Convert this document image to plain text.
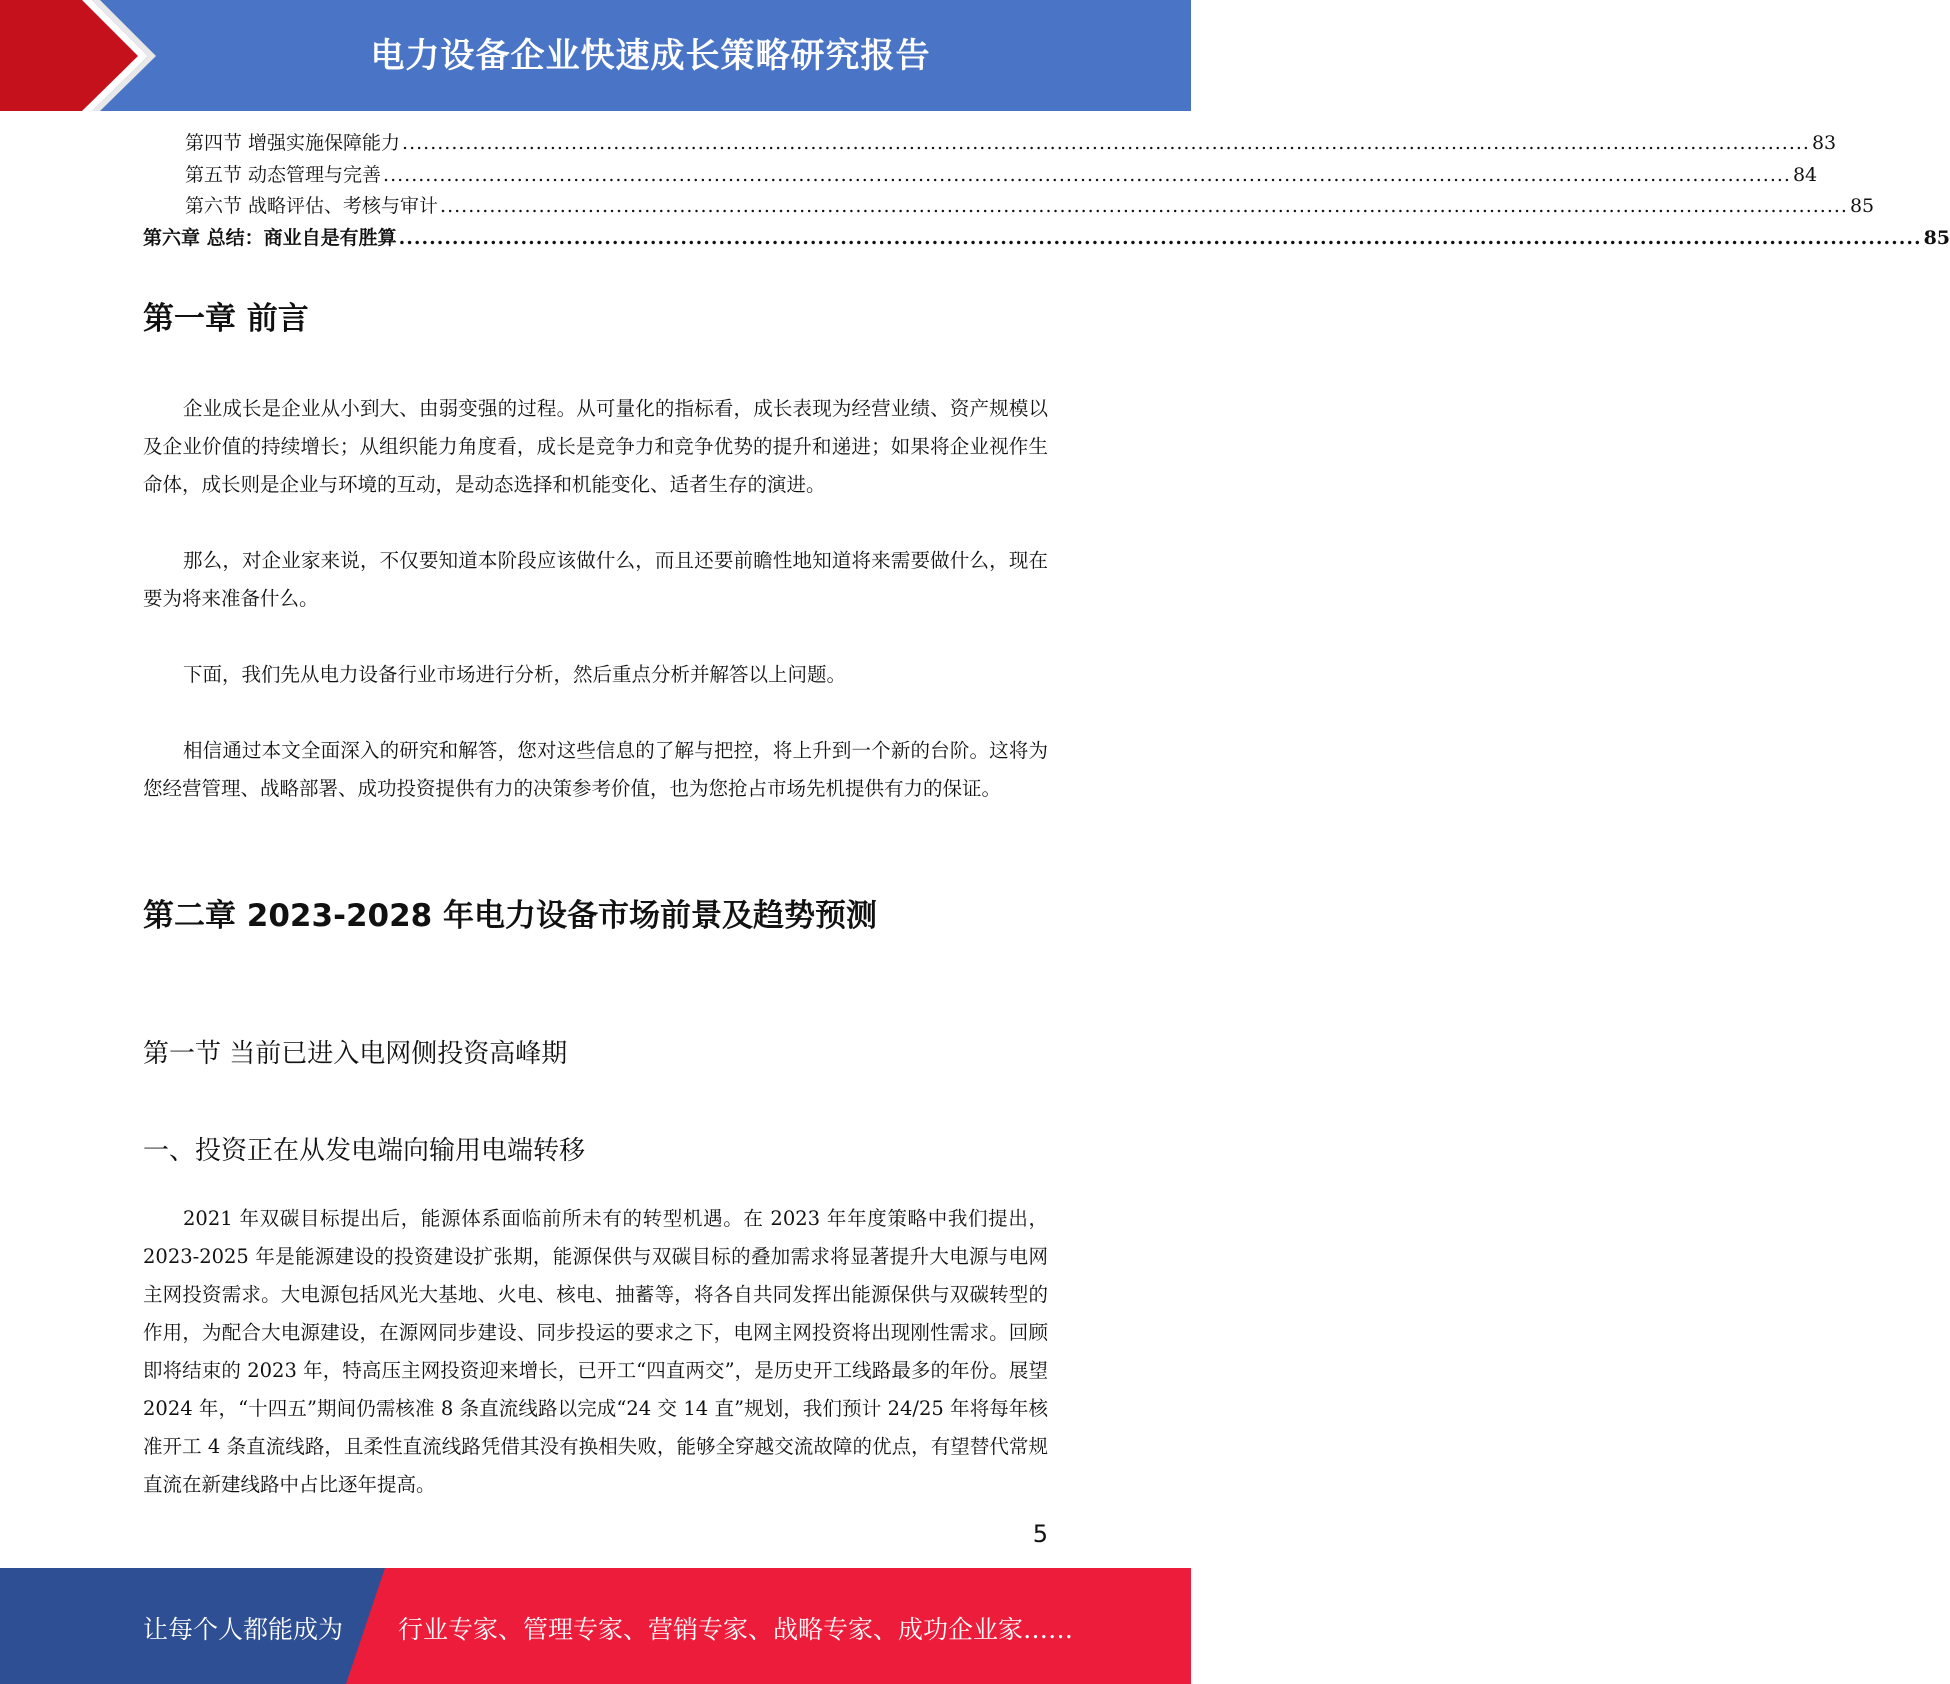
电力设备企业快速成长策略研究报告
第四节 增强实施保障能力 ........................................................................................................................................................................................................ 83
第五节 动态管理与完善 ........................................................................................................................................................................................................ 84
第六节 战略评估、考核与审计 ........................................................................................................................................................................................................ 85
第六章 总结：商业自是有胜算 ........................................................................................................................................................................................................ 85
第一章 前言

企业成长是企业从小到大、由弱变强的过程。从可量化的指标看，成长表现为经营业绩、资产规模以及企业价值的持续增长；从组织能力角度看，成长是竞争力和竞争优势的提升和递进；如果将企业视作生命体，成长则是企业与环境的互动，是动态选择和机能变化、适者生存的演进。

那么，对企业家来说，不仅要知道本阶段应该做什么，而且还要前瞻性地知道将来需要做什么，现在要为将来准备什么。

下面，我们先从电力设备行业市场进行分析，然后重点分析并解答以上问题。

相信通过本文全面深入的研究和解答，您对这些信息的了解与把控，将上升到一个新的台阶。这将为您经营管理、战略部署、成功投资提供有力的决策参考价值，也为您抢占市场先机提供有力的保证。

第二章 2023-2028 年电力设备市场前景及趋势预测
第一节 当前已进入电网侧投资高峰期
一、投资正在从发电端向输用电端转移

2021 年双碳目标提出后，能源体系面临前所未有的转型机遇。在 2023 年年度策略中我们提出，2023-2025 年是能源建设的投资建设扩张期，能源保供与双碳目标的叠加需求将显著提升大电源与电网主网投资需求。大电源包括风光大基地、火电、核电、抽蓄等，将各自共同发挥出能源保供与双碳转型的作用，为配合大电源建设，在源网同步建设、同步投运的要求之下，电网主网投资将出现刚性需求。回顾即将结束的 2023 年，特高压主网投资迎来增长，已开工“四直两交”，是历史开工线路最多的年份。展望 2024 年，“十四五”期间仍需核准 8 条直流线路以完成“24 交 14 直”规划，我们预计 24/25 年将每年核准开工 4 条直流线路，且柔性直流线路凭借其没有换相失败，能够全穿越交流故障的优点，有望替代常规直流在新建线路中占比逐年提高。

5
让每个人都能成为 行业专家、管理专家、营销专家、战略专家、成功企业家……
